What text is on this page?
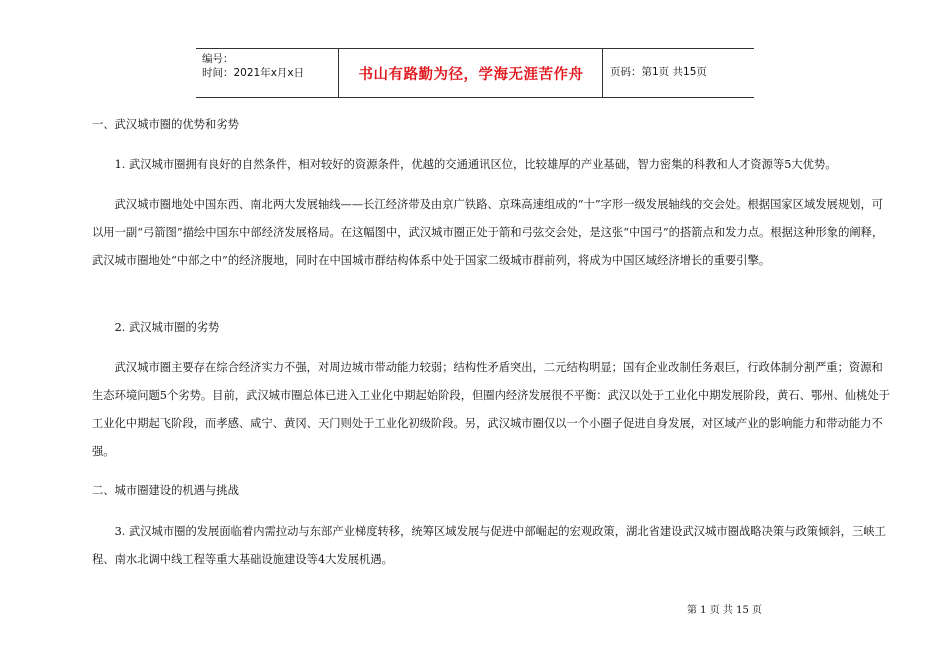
编号：
时间：2021年x月x日	书山有路勤为径，学海无涯苦作舟	页码：第1页 共15页

一、武汉城市圈的优势和劣势

1. 武汉城市圈拥有良好的自然条件，相对较好的资源条件，优越的交通通讯区位，比较雄厚的产业基础，智力密集的科教和人才资源等5大优势。

武汉城市圈地处中国东西、南北两大发展轴线——长江经济带及由京广铁路、京珠高速组成的“十”字形一级发展轴线的交会处。根据国家区域发展规划，可以用一副“弓箭图”描绘中国东中部经济发展格局。在这幅图中，武汉城市圈正处于箭和弓弦交会处，是这张“中国弓”的搭箭点和发力点。根据这种形象的阐释，武汉城市圈地处“中部之中”的经济腹地，同时在中国城市群结构体系中处于国家二级城市群前列，将成为中国区域经济增长的重要引擎。

2. 武汉城市圈的劣势

武汉城市圈主要存在综合经济实力不强，对周边城市带动能力较弱；结构性矛盾突出，二元结构明显；国有企业改制任务艰巨，行政体制分割严重；资源和生态环境问题5个劣势。目前，武汉城市圈总体已进入工业化中期起始阶段，但圈内经济发展很不平衡：武汉以处于工业化中期发展阶段，黄石、鄂州、仙桃处于工业化中期起飞阶段，而孝感、咸宁、黄冈、天门则处于工业化初级阶段。另，武汉城市圈仅以一个小圈子促进自身发展，对区域产业的影响能力和带动能力不强。

二、城市圈建设的机遇与挑战

3. 武汉城市圈的发展面临着内需拉动与东部产业梯度转移，统筹区域发展与促进中部崛起的宏观政策，湖北省建设武汉城市圈战略决策与政策倾斜，三峡工程、南水北调中线工程等重大基础设施建设等4大发展机遇。

第 1 页 共 15 页
